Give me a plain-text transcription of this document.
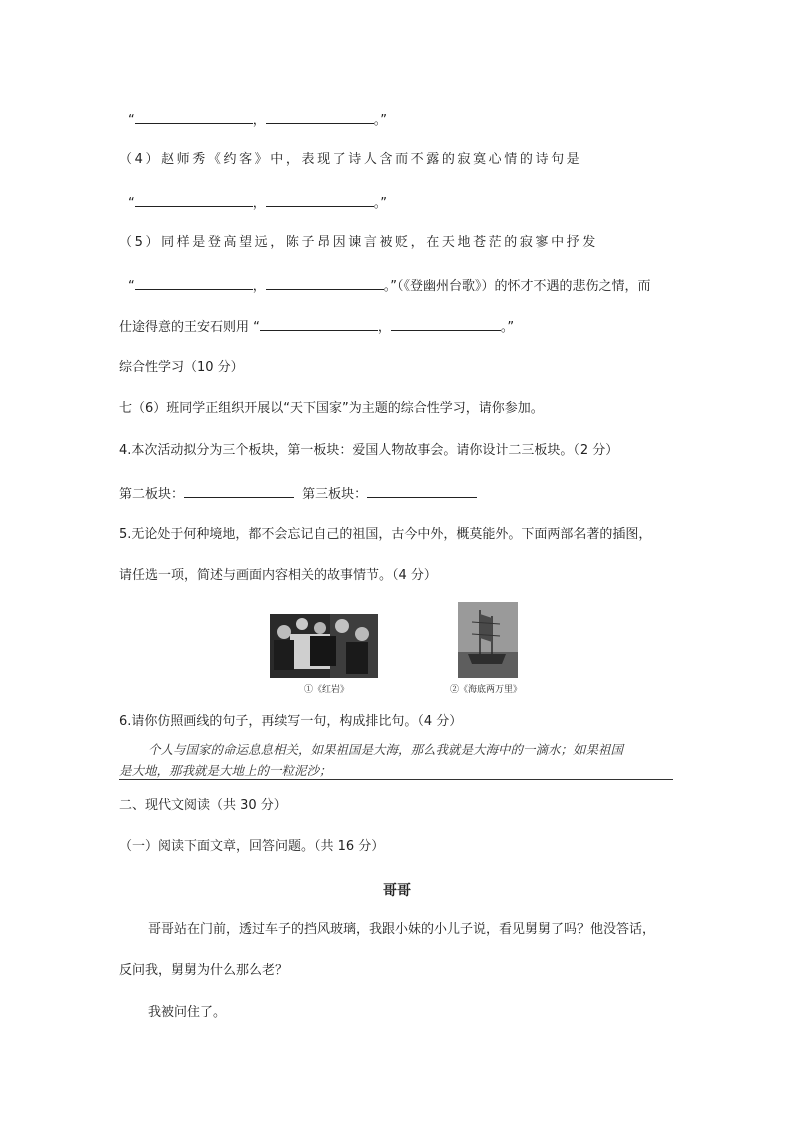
“	，	。”
（4）赵师秀《约客》中，表现了诗人含而不露的寂寞心情的诗句是
“	，	。”
（5）同样是登高望远，陈子昂因谏言被贬，在天地苍茫的寂寥中抒发
“	，	。”（《登幽州台歌》）的怀才不遇的悲伤之情，而
仕途得意的王安石则用 “	，	。”
综合性学习（10 分）
七（6）班同学正组织开展以“天下国家”为主题的综合性学习，请你参加。
4.本次活动拟分为三个板块，第一板块：爱国人物故事会。请你设计二三板块。（2 分）
第二板块：	第三板块：
5.无论处于何种境地，都不会忘记自己的祖国，古今中外，概莫能外。下面两部名著的插图，
请任选一项，简述与画面内容相关的故事情节。（4 分）
①《红岩》	②《海底两万里》
6.请你仿照画线的句子，再续写一句，构成排比句。（4 分）
个人与国家的命运息息相关，如果祖国是大海，那么我就是大海中的一滴水；如果祖国
是大地，那我就是大地上的一粒泥沙；
二、现代文阅读（共 30 分）
（一）阅读下面文章，回答问题。（共 16 分）
哥哥
哥哥站在门前，透过车子的挡风玻璃，我跟小妹的小儿子说，看见舅舅了吗？他没答话，
反问我，舅舅为什么那么老？
我被问住了。
